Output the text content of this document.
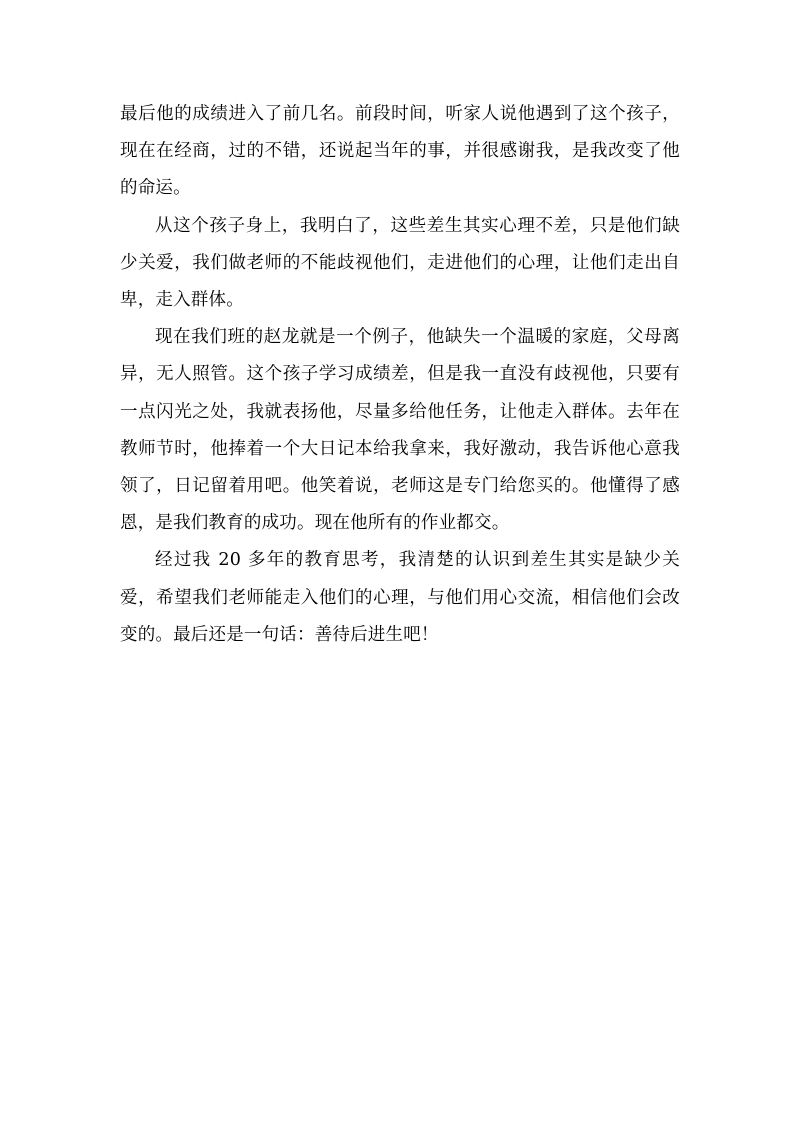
最后他的成绩进入了前几名。前段时间，听家人说他遇到了这个孩子，现在在经商，过的不错，还说起当年的事，并很感谢我，是我改变了他的命运。

从这个孩子身上，我明白了，这些差生其实心理不差，只是他们缺少关爱，我们做老师的不能歧视他们，走进他们的心理，让他们走出自卑，走入群体。

现在我们班的赵龙就是一个例子，他缺失一个温暖的家庭，父母离异，无人照管。这个孩子学习成绩差，但是我一直没有歧视他，只要有一点闪光之处，我就表扬他，尽量多给他任务，让他走入群体。去年在教师节时，他捧着一个大日记本给我拿来，我好激动，我告诉他心意我领了，日记留着用吧。他笑着说，老师这是专门给您买的。他懂得了感恩，是我们教育的成功。现在他所有的作业都交。

经过我 20 多年的教育思考，我清楚的认识到差生其实是缺少关爱，希望我们老师能走入他们的心理，与他们用心交流，相信他们会改变的。最后还是一句话：善待后进生吧！
